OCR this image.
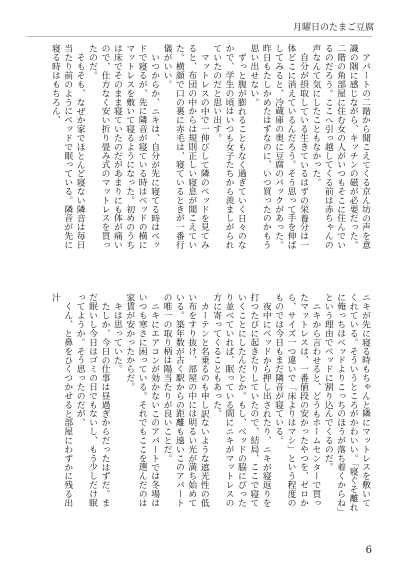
月曜日のたまご豆腐

アパートの二階から聞こえてくる京ん坊の声を意識の隅に感じながら、キッチンの磁が必要だった。二階の角部屋に住む女の人がいつもそこに住んでいるのだろう。ここへ引っ越してくる前は赤ちゃんの声なんて気にしたこともなかった。

自分が摂取している生きているはずの栄養分は一体どこに消えているんだろう。そう思って手を伸ばしてみると、冷蔵庫の奥に豆腐のパックがあった。昨日もたしかめたはずなのに、いつ買ったのかもう思い出せない。

ずっと腹が膨れることもなく過ぎていく日々のなかで、学生の頃はいつも女子たちから羨ましがられていたのだと思い出す。

マットレスの中で一伸びして隣のベッドを見てみると、布団の中からは規則正しい寝息が聞こえていた。横顔で口の裏に赤毛は、寝ているときが一番行儀がいい。

いつからか、ニキは、自分が先に寝てる時はベッドで寝るが、先に隣音が寝ている時はベッドの横にマットレスを敷いて寝るようになった。初めのうちは床でそのまま寝ていたのだがあまりにも体が痛いので、仕方なく安い折り畳み式のマットレスを買ったのだ。

そもそも、なぜか家でほとんど寝ない隣音は毎日当たり前のようにベッドで眠っている。隣音が先に寝る時はもちろん、

ニキが先に寝る時もちゃんと隣にマットレスを敷いてくれている。そういうところがかわいい。「寝ぐそ離れに俺っちはベッドよりこっちのほうが落ち着くからね」という理由でベッドに割り込んでくるのだ。

ニキから言わせると、どうもホームセンターで買ったマットレスは、一番値段の安かったやつを、ゼロから、サイズ一つ違いで「床よりはマシ」という程度のものでは今日もまだ隣音が寝ている。

夜中にベッドから押し出されたり、ニキが寝返りを打つたびに起きたりしていたので、結局、ここで寝ていくことにしたんだとか。もし、ベッドの脇にぴったり並べていれば、眠っている間にニキがマットレスの方に寄ってくることもあった。

カーテンと名乗るのも申し訳ないような遮光性の低い布をすり抜け、部屋の中には明るい光が満ち始めている。築年数が古く駅からの距離も遠いこのアパートの唯一の取り柄は陽当たりが良いことだ。

ニキにエアコンが効かないこのアパートでは冬場はいつも寒さに困っている。それでもここを選んだのは家賃が安かったからだ。

キは思っていた。

たしか、今日の仕事は昼過ぎからだったはずだ。まだ眠いし今日はゴミの日でもないし、もう少しだけ眠ってようか。そう思ったのだが、

くん、と鼻をひくつかせると部屋にわずかに残る出汁

6
